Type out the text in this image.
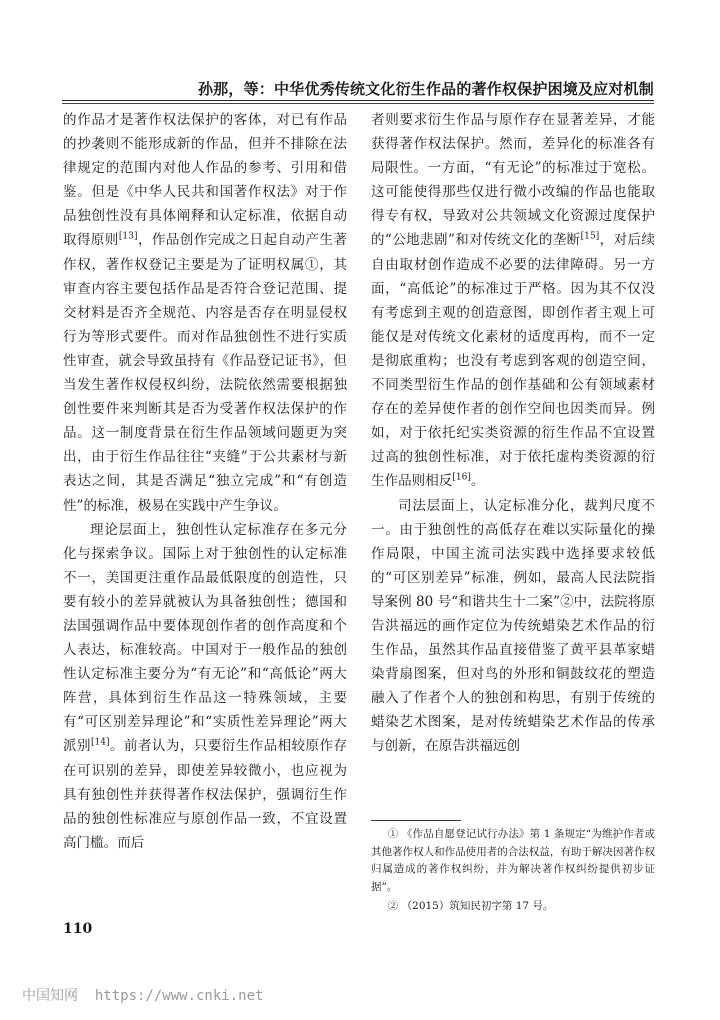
孙那，等：中华优秀传统文化衍生作品的著作权保护困境及应对机制

的作品才是著作权法保护的客体，对已有作品的抄袭则不能形成新的作品，但并不排除在法律规定的范围内对他人作品的参考、引用和借鉴。但是《中华人民共和国著作权法》对于作品独创性没有具体阐释和认定标准，依据自动取得原则[13]，作品创作完成之日起自动产生著作权，著作权登记主要是为了证明权属①，其审查内容主要包括作品是否符合登记范围、提交材料是否齐全规范、内容是否存在明显侵权行为等形式要件。而对作品独创性不进行实质性审查，就会导致虽持有《作品登记证书》，但当发生著作权侵权纠纷，法院依然需要根据独创性要件来判断其是否为受著作权法保护的作品。这一制度背景在衍生作品领域问题更为突出，由于衍生作品往往“夹缝”于公共素材与新表达之间，其是否满足“独立完成”和“有创造性”的标准，极易在实践中产生争议。

理论层面上，独创性认定标准存在多元分化与探索争议。国际上对于独创性的认定标准不一，美国更注重作品最低限度的创造性，只要有较小的差异就被认为具备独创性；德国和法国强调作品中要体现创作者的创作高度和个人表达，标准较高。中国对于一般作品的独创性认定标准主要分为“有无论”和“高低论”两大阵营，具体到衍生作品这一特殊领域，主要有“可区别差异理论”和“实质性差异理论”两大派别[14]。前者认为，只要衍生作品相较原作存在可识别的差异，即使差异较微小，也应视为具有独创性并获得著作权法保护，强调衍生作品的独创性标准应与原创作品一致，不宜设置高门槛。而后

者则要求衍生作品与原作存在显著差异，才能获得著作权法保护。然而，差异化的标准各有局限性。一方面，“有无论”的标准过于宽松。这可能使得那些仅进行微小改编的作品也能取得专有权，导致对公共领域文化资源过度保护的“公地悲剧”和对传统文化的垄断[15]，对后续自由取材创作造成不必要的法律障碍。另一方面，“高低论”的标准过于严格。因为其不仅没有考虑到主观的创造意图，即创作者主观上可能仅是对传统文化素材的适度再构，而不一定是彻底重构；也没有考虑到客观的创造空间，不同类型衍生作品的创作基础和公有领域素材存在的差异使作者的创作空间也因类而异。例如，对于依托纪实类资源的衍生作品不宜设置过高的独创性标准，对于依托虚构类资源的衍生作品则相反[16]。

司法层面上，认定标准分化，裁判尺度不一。由于独创性的高低存在难以实际量化的操作局限，中国主流司法实践中选择要求较低的“可区别差异”标准，例如，最高人民法院指导案例 80 号“和谐共生十二案”②中，法院将原告洪福远的画作定位为传统蜡染艺术作品的衍生作品，虽然其作品直接借鉴了黄平县革家蜡染背扇图案，但对鸟的外形和铜鼓纹花的塑造融入了作者个人的独创和构思，有别于传统的蜡染艺术图案，是对传统蜡染艺术作品的传承与创新，在原告洪福远创

① 《作品自愿登记试行办法》第 1 条规定“为维护作者或其他著作权人和作品使用者的合法权益，有助于解决因著作权归属造成的著作权纠纷，并为解决著作权纠纷提供初步证据”。

② （2015）筑知民初字第 17 号。

110
中国知网  https://www.cnki.net
